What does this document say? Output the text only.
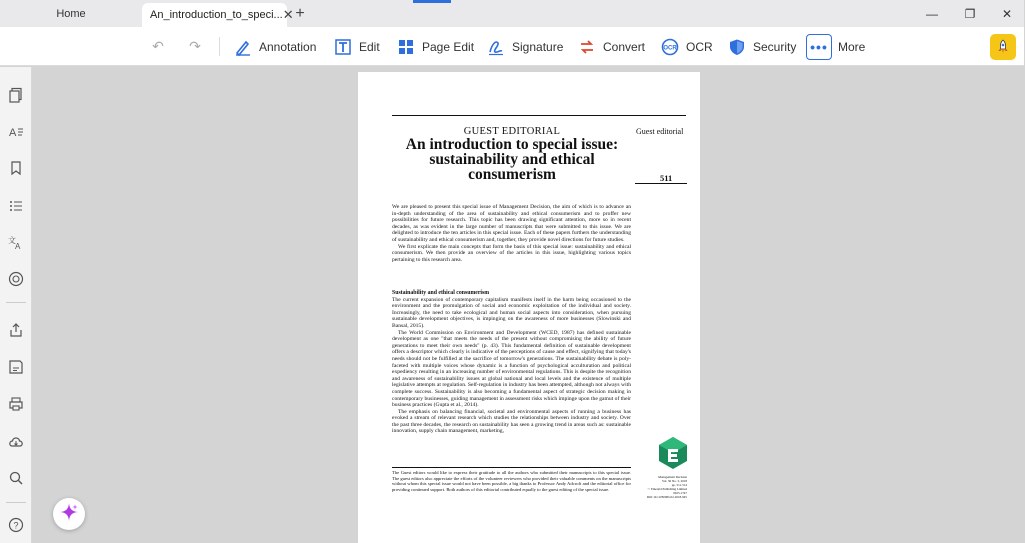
Home	An_introduction_to_speci... ✕ +	—	❐	✕
↶ ↷	Annotation	Edit	Page Edit	Signature	Convert	OCR OCR	Security ••• More
A
文
A
?
Guest editorial
GUEST EDITORIAL
An introduction to special issue: sustainability and ethical consumerism	511

We are pleased to present this special issue of Management Decision, the aim of which is to advance an in-depth understanding of the area of sustainability and ethical consumerism and to proffer new possibilities for future research. This topic has been drawing significant attention, more so in recent decades, as was evident in the large number of manuscripts that were submitted to this issue. We are delighted to introduce the ten articles in this special issue. Each of these papers furthers the understanding of sustainability and ethical consumerism and, together, they provide novel directions for future studies.

We first explicate the main concepts that form the basis of this special issue: sustainability and ethical consumerism. We then provide an overview of the articles in this issue, highlighting various topics pertaining to this research area.

Sustainability and ethical consumerism

The current expansion of contemporary capitalism manifests itself in the harm being occasioned to the environment and the promulgation of social and economic exploitation of the individual and society. Increasingly, the need to take ecological and human social aspects into consideration, when pursuing sustainable development objectives, is impinging on the awareness of more businesses (Slowinski and Bansal, 2015).

The World Commission on Environment and Development (WCED, 1987) has defined sustainable development as one "that meets the needs of the present without compromising the ability of future generations to meet their own needs" (p. 43). This fundamental definition of sustainable development offers a descriptor which clearly is indicative of the perceptions of cause and effect, signifying that today's needs should not be fulfilled at the sacrifice of tomorrow's generations. The sustainability debate is poly-faceted with multiple voices whose dynamic is a function of psychological acculturation and political expediency resulting in an increasing number of environmental regulations. This is despite the recognition and awareness of sustainability issues at global national and local levels and the existence of multiple legislative attempts at regulation. Self-regulation in industry has been attempted, although not always with complete success. Sustainability is also becoming a fundamental aspect of strategic decision making in contemporary businesses, guiding management in assessment risks which impinge upon the gamut of their business practices (Gupta et al., 2014).

The emphasis on balancing financial, societal and environmental aspects of running a business has evoked a stream of relevant research which studies the relationships between industry and society. Over the past three decades, the research on sustainability has seen a growing trend in areas such as: sustainable innovation, supply chain management, marketing,

The Guest editors would like to express their gratitude to all the authors who submitted their manuscripts to this special issue. The guest editors also appreciate the efforts of the volunteer reviewers who provided their valuable comments on the manuscripts without whom this special issue would not have been possible, a big thanks to Professor Andy Adcroft and the editorial office for providing continued support. Both authors of this editorial contributed equally to the guest editing of the special issue.
Management Decision
Vol. 56 No. 3, 2018
pp. 511-514
© Emerald Publishing Limited
0025-1747
DOI 10.1108/MD-02-2018-945
